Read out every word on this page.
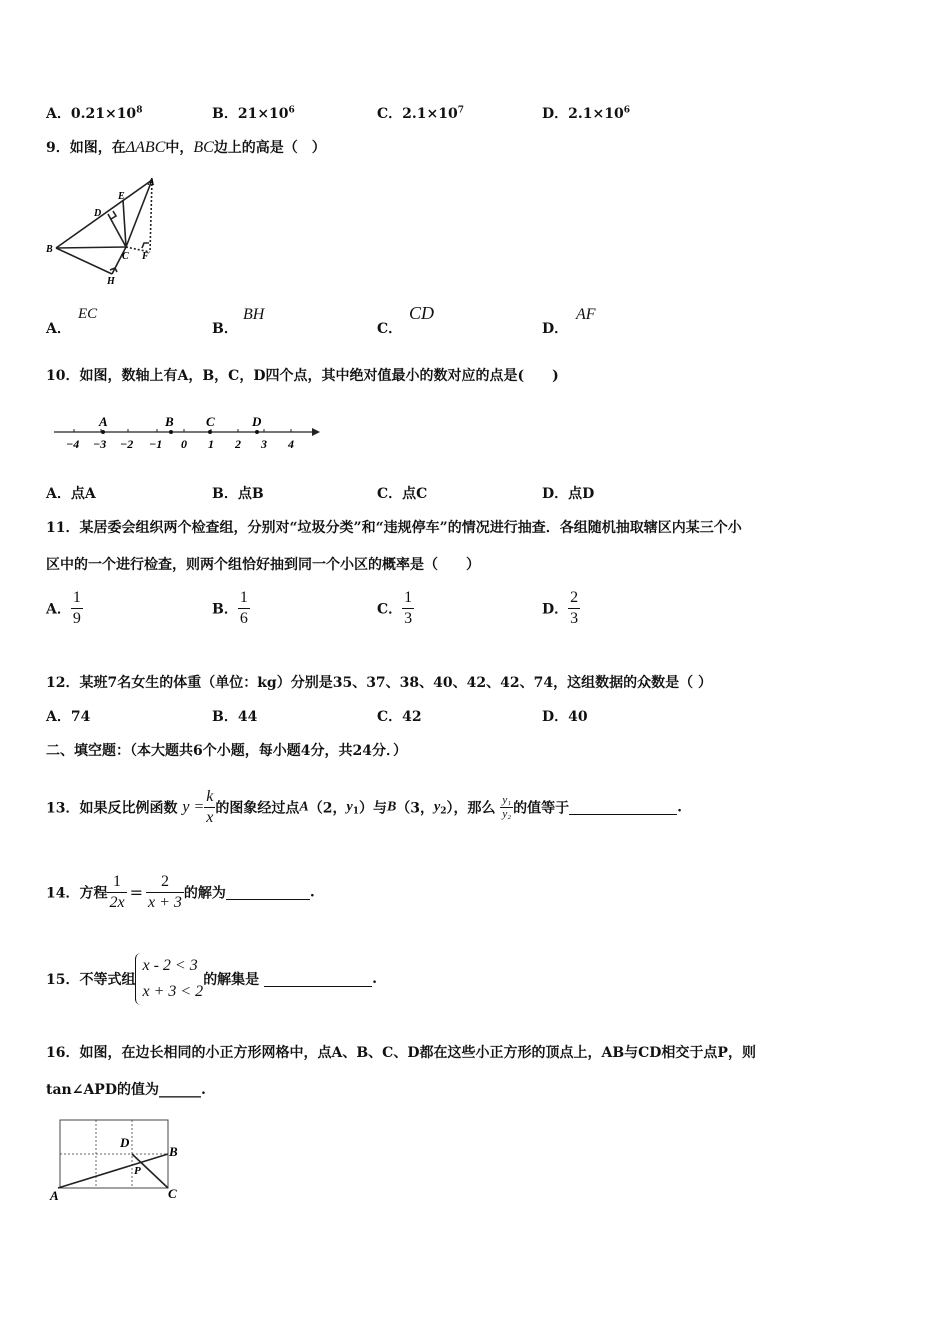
A．$0.21\times 10^8$	B．$21\times 10^6$	C．$2.1\times 10^7$	D．$2.1\times 10^6$
9．如图，在ΔABC中，BC边上的高是（　）
A
B
C
D
E
F
H
A．
EC
B．
BH
C．
CD
D．
AF
10．如图，数轴上有A，B，C，D四个点，其中绝对值最小的数对应的点是(　　)
A	B C	D
−4 −3 −2 −1 0 1 2 3 4
A．点A	B．点B	C．点C	D．点D
11．某居委会组织两个检查组，分别对“垃圾分类”和“违规停车”的情况进行抽查．各组随机抽取辖区内某三个小
区中的一个进行检查，则两个组恰好抽到同一个小区的概率是（　　）
A． $\frac{1}{9}$	B． $\frac{1}{6}$	C． $\frac{1}{3}$	D． $\frac{2}{3}$
12．某班7名女生的体重（单位：kg）分别是35、37、38、40、42、42、74，这组数据的众数是（ ）
A．74	B．44	C．42	D．40
二、填空题：（本大题共6个小题，每小题4分，共24分．）
13．如果反比例函数 $y = \frac{k}{x}$ 的图象经过点A（2，$y_1$）与B（3，$y_2$），那么 $\frac{\text{y₁}}{\text{y₂}}$ 的值等于	.
14．方程 $\frac{1}{2x} = \frac{2}{x + 3}$ 的解为	.
15．不等式组
x - 2 < 3
x + 3 < 2
的解集是	.
16．如图，在边长相同的小正方形网格中，点A、B、C、D都在这些小正方形的顶点上，AB与CD相交于点P，则
tan∠APD的值为______.
A
B
C
D
P
